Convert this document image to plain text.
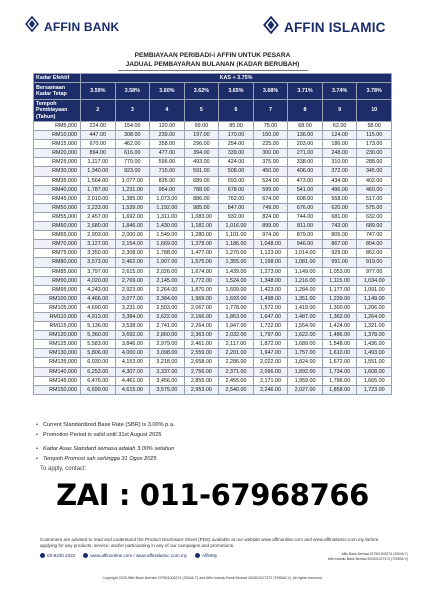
AFFIN BANK	AFFIN ISLAMIC
PEMBIAYAAN PERIBADI-i AFFIN UNTUK PESARA
JADUAL PEMBAYARAN BULANAN (KADAR BERUBAH)
Kadar Efektif	KAS + 3.75%								
Bersamaan Kadar Tetap	3.59%	3.58%	3.60%	3.62%	3.65%	3.68%	3.71%	3.74%	3.78%
Tempoh Pembiayaan (Tahun)	2	3	4	5	6	7	8	9	10
RM5,000	224.00	154.00	120.00	99.00	85.00	75.00	68.00	62.00	58.00
RM10,000	447.00	308.00	239.00	197.00	170.00	150.00	136.00	124.00	115.00
RM15,000	670.00	462.00	358.00	296.00	254.00	225.00	203.00	186.00	173.00
RM20,000	894.00	616.00	477.00	394.00	339.00	300.00	271.00	248.00	230.00
RM25,000	1,117.00	770.00	596.00	493.00	424.00	375.00	338.00	310.00	288.00
RM30,000	1,340.00	923.00	715.00	591.00	508.00	450.00	406.00	372.00	345.00
RM35,000	1,564.00	1,077.00	835.00	689.00	593.00	524.00	473.00	434.00	402.00
RM40,000	1,787.00	1,231.00	954.00	788.00	678.00	599.00	541.00	496.00	460.00
RM45,000	2,010.00	1,385.00	1,073.00	886.00	762.00	674.00	608.00	558.00	517.00
RM50,000	2,233.00	1,539.00	1,192.00	985.00	847.00	749.00	676.00	620.00	575.00
RM55,000	2,457.00	1,692.00	1,311.00	1,083.00	932.00	824.00	744.00	681.00	632.00
RM60,000	2,680.00	1,846.00	1,430.00	1,182.00	1,016.00	899.00	811.00	743.00	689.00
RM65,000	2,903.00	2,000.00	1,549.00	1,280.00	1,101.00	974.00	879.00	805.00	747.00
RM70,000	3,127.00	2,154.00	1,669.00	1,378.00	1,186.00	1,048.00	946.00	867.00	804.00
RM75,000	3,350.00	2,308.00	1,788.00	1,477.00	1,270.00	1,123.00	1,014.00	929.00	862.00
RM80,000	3,573.00	2,462.00	1,907.00	1,575.00	1,355.00	1,198.00	1,081.00	991.00	919.00
RM85,000	3,797.00	2,615.00	2,026.00	1,674.00	1,439.00	1,273.00	1,149.00	1,053.00	977.00
RM90,000	4,020.00	2,769.00	2,145.00	1,772.00	1,524.00	1,348.00	1,216.00	1,115.00	1,034.00
RM95,000	4,243.00	2,923.00	2,264.00	1,870.00	1,609.00	1,423.00	1,284.00	1,177.00	1,091.00
RM100,000	4,466.00	3,077.00	2,384.00	1,969.00	1,693.00	1,498.00	1,351.00	1,239.00	1,149.00
RM105,000	4,690.00	3,231.00	2,503.00	2,067.00	1,778.00	1,572.00	1,419.00	1,300.00	1,206.00
RM110,000	4,913.00	3,384.00	2,622.00	2,166.00	1,863.00	1,647.00	1,487.00	1,362.00	1,264.00
RM115,000	5,136.00	3,538.00	2,741.00	2,264.00	1,947.00	1,722.00	1,554.00	1,424.00	1,321.00
RM120,000	5,360.00	3,692.00	2,860.00	2,363.00	2,032.00	1,797.00	1,622.00	1,486.00	1,378.00
RM125,000	5,583.00	3,846.00	2,979.00	2,461.00	2,117.00	1,872.00	1,689.00	1,548.00	1,436.00
RM130,000	5,806.00	4,000.00	3,098.00	2,559.00	2,201.00	1,947.00	1,757.00	1,610.00	1,493.00
RM135,000	6,030.00	4,153.00	3,218.00	2,658.00	2,286.00	2,022.00	1,824.00	1,672.00	1,551.00
RM140,000	6,253.00	4,307.00	3,337.00	2,756.00	2,371.00	2,096.00	1,892.00	1,734.00	1,608.00
RM145,000	6,476.00	4,461.00	3,456.00	2,855.00	2,455.00	2,171.00	1,959.00	1,796.00	1,665.00
RM150,000	6,699.00	4,615.00	3,575.00	2,953.00	2,540.00	2,246.00	2,027.00	1,858.00	1,723.00
• Current Standardized Base Rate (SBR) is 3.00% p.a.
• Promotion Period is valid until 31st August 2025
• Kadar Asas Standard semasa adalah 3.00% setahun
• Tempoh Promosi sah sehingga 31 Ogos 2025
To apply, contact:
ZAI : 011-67968766
Customers are advised to read and understand the Product Disclosure Sheet (PDS) available at our website www.affinonline.com and www.affinislamic.com.my before applying for any products, service, and/or participating in any of our campaigns and promotions.
03-8230 2222	www.affinonline.com / www.affinislamic.com.my	AffinMy	Affin Bank Berhad 197501003274 (25046-T)
Affin Islamic Bank Berhad 200501027372 (709506-V)
Copyright 2025 Affin Bank Berhad 197501003274 (25046-T) and Affin Islamic Bank Berhad 200501027372 (709506-V). All rights reserved.
